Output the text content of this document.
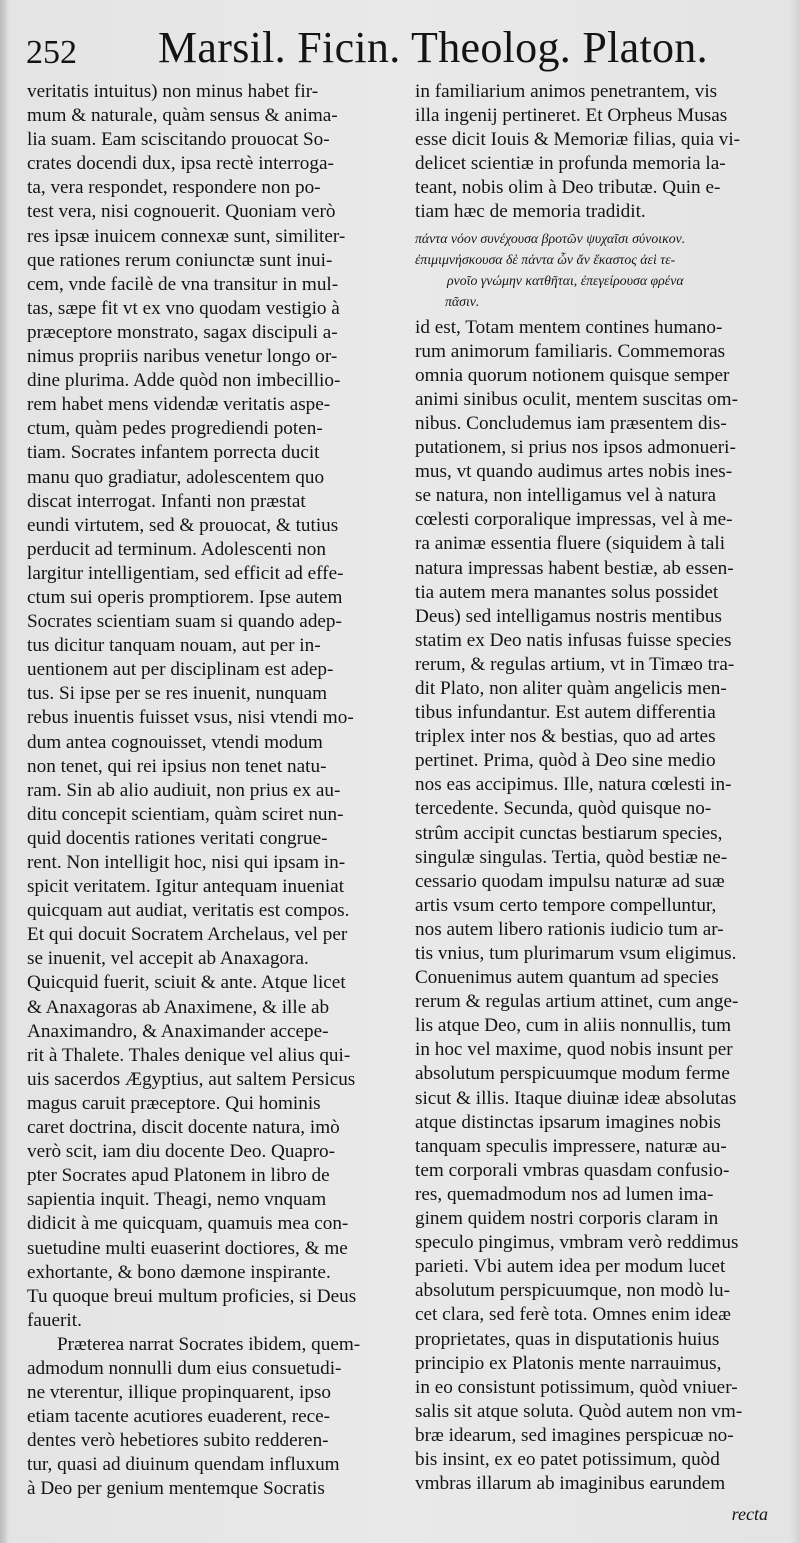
252 Marsil. Ficin. Theolog. Platon.
veritatis intuitus) non minus habet fir-
mum & naturale, quàm sensus & anima-
lia suam. Eam sciscitando prouocat So-
crates docendi dux, ipsa rectè interroga-
ta, vera respondet, respondere non po-
test vera, nisi cognouerit. Quoniam verò
res ipsæ inuicem connexæ sunt, similiter-
que rationes rerum coniunctæ sunt inui-
cem, vnde facilè de vna transitur in mul-
tas, sæpe fit vt ex vno quodam vestigio à
præceptore monstrato, sagax discipuli a-
nimus propriis naribus venetur longo or-
dine plurima. Adde quòd non imbecillio-
rem habet mens videndæ veritatis aspe-
ctum, quàm pedes progrediendi poten-
tiam. Socrates infantem porrecta ducit
manu quo gradiatur, adolescentem quo
discat interrogat. Infanti non præstat
eundi virtutem, sed & prouocat, & tutius
perducit ad terminum. Adolescenti non
largitur intelligentiam, sed efficit ad effe-
ctum sui operis promptiorem. Ipse autem
Socrates scientiam suam si quando adep-
tus dicitur tanquam nouam, aut per in-
uentionem aut per disciplinam est adep-
tus. Si ipse per se res inuenit, nunquam
rebus inuentis fuisset vsus, nisi vtendi mo-
dum antea cognouisset, vtendi modum
non tenet, qui rei ipsius non tenet natu-
ram. Sin ab alio audiuit, non prius ex au-
ditu concepit scientiam, quàm sciret nun-
quid docentis rationes veritati congrue-
rent. Non intelligit hoc, nisi qui ipsam in-
spicit veritatem. Igitur antequam inueniat
quicquam aut audiat, veritatis est compos.
Et qui docuit Socratem Archelaus, vel per
se inuenit, vel accepit ab Anaxagora.
Quicquid fuerit, sciuit & ante. Atque licet
& Anaxagoras ab Anaximene, & ille ab
Anaximandro, & Anaximander accepe-
rit à Thalete. Thales denique vel alius qui-
uis sacerdos Ægyptius, aut saltem Persicus
magus caruit præceptore. Qui hominis
caret doctrina, discit docente natura, imò
verò scit, iam diu docente Deo. Quapro-
pter Socrates apud Platonem in libro de
sapientia inquit. Theagi, nemo vnquam
didicit à me quicquam, quamuis mea con-
suetudine multi euaserint doctiores, & me
exhortante, & bono dæmone inspirante.
Tu quoque breui multum proficies, si Deus
fauerit.
Præterea narrat Socrates ibidem, quem-
admodum nonnulli dum eius consuetudi-
ne vterentur, illique propinquarent, ipso
etiam tacente acutiores euaderent, rece-
dentes verò hebetiores subito redderen-
tur, quasi ad diuinum quendam influxum
à Deo per genium mentemque Socratis
in familiarium animos penetrantem, vis
illa ingenij pertineret. Et Orpheus Musas
esse dicit Iouis & Memoriæ filias, quia vi-
delicet scientiæ in profunda memoria la-
teant, nobis olim à Deo tributæ. Quin e-
tiam hæc de memoria tradidit.
πάντα νόον συνέχουσα βροτῶν ψυχαῖσι σύνοικον.
ἐπιμιμνήσκουσα δὲ πάντα ὧν ἄν ἕκαστος ἀεὶ τε-
ρνοῖο γνώμην κατθῆται, ἐπεγείρουσα φρένα
πᾶσιν.
id est, Totam mentem contines humano-
rum animorum familiaris. Commemoras
omnia quorum notionem quisque semper
animi sinibus oculit, mentem suscitas om-
nibus. Concludemus iam præsentem dis-
putationem, si prius nos ipsos admonueri-
mus, vt quando audimus artes nobis ines-
se natura, non intelligamus vel à natura
cœlesti corporalique impressas, vel à me-
ra animæ essentia fluere (siquidem à tali
natura impressas habent bestiæ, ab essen-
tia autem mera manantes solus possidet
Deus) sed intelligamus nostris mentibus
statim ex Deo natis infusas fuisse species
rerum, & regulas artium, vt in Timæo tra-
dit Plato, non aliter quàm angelicis men-
tibus infundantur. Est autem differentia
triplex inter nos & bestias, quo ad artes
pertinet. Prima, quòd à Deo sine medio
nos eas accipimus. Ille, natura cœlesti in-
tercedente. Secunda, quòd quisque no-
strûm accipit cunctas bestiarum species,
singulæ singulas. Tertia, quòd bestiæ ne-
cessario quodam impulsu naturæ ad suæ
artis vsum certo tempore compelluntur,
nos autem libero rationis iudicio tum ar-
tis vnius, tum plurimarum vsum eligimus.
Conuenimus autem quantum ad species
rerum & regulas artium attinet, cum ange-
lis atque Deo, cum in aliis nonnullis, tum
in hoc vel maxime, quod nobis insunt per
absolutum perspicuumque modum ferme
sicut & illis. Itaque diuinæ ideæ absolutas
atque distinctas ipsarum imagines nobis
tanquam speculis impressere, naturæ au-
tem corporali vmbras quasdam confusio-
res, quemadmodum nos ad lumen ima-
ginem quidem nostri corporis claram in
speculo pingimus, vmbram verò reddimus
parieti. Vbi autem idea per modum lucet
absolutum perspicuumque, non modò lu-
cet clara, sed ferè tota. Omnes enim ideæ
proprietates, quas in disputationis huius
principio ex Platonis mente narrauimus,
in eo consistunt potissimum, quòd vniuer-
salis sit atque soluta. Quòd autem non vm-
bræ idearum, sed imagines perspicuæ no-
bis insint, ex eo patet potissimum, quòd
vmbras illarum ab imaginibus earundem
recta
